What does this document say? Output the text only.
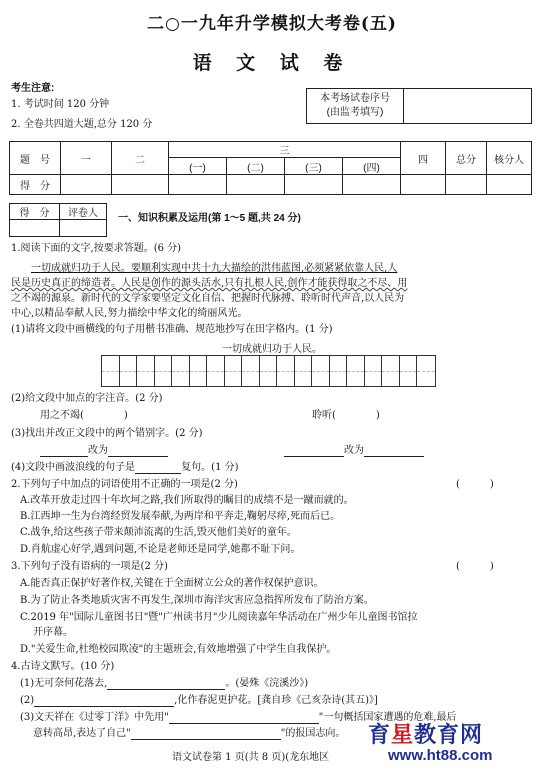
二○一九年升学模拟大考卷(五)
语 文 试 卷
考生注意:
1. 考试时间 120 分钟
2. 全卷共四道大题,总分 120 分
本考场试卷序号
(由监考填写)

题　号	一	二	三				四	总分	核分人
			(一)	(二)	(三)	(四)			
得　分									
得　分	评卷人
	一、知识积累及运用(第 1～5 题,共 24 分)
1.阅读下面的文字,按要求答题。(6 分)
一切成就归功于人民。要顺利实现中共十九大描绘的洪伟蓝图,必须紧紧依靠人民,人
民是历史真正的缔造者。人民是创作的源头活水,只有扎根人民,创作才能获得取之不尽、用
之不竭的源泉。新时代的文学家要坚定文化自信、把握时代脉搏、聆听时代声音,以人民为
中心,以精品奉献人民,努力描绘中华文化的绮丽风光。
(1)请将文段中画横线的句子用楷书准确、规范地抄写在田字格内。(1 分)
一切成就归功于人民。
(2)给文段中加点的字注音。(2 分)
用之不竭(　　　　)	聆听(　　　　)
(3)找出并改正文段中的两个错别字。(2 分)
改为	改为
(4)文段中画波浪线的句子是	复句。(1 分)
2.下列句子中加点的词语使用不正确的一项是(2 分)	(　　　)
A.改革开放走过四十年坎坷之路,我们所取得的瞩目的成绩不是一蹴而就的。
B.江西坤一生为台湾经贸发展奉献,为两岸和平奔走,鞠躬尽瘁,死而后已。
C.战争,给这些孩子带来颠沛流离的生活,毁灭他们美好的童年。
D.肖航虚心好学,遇到问题,不论是老师还是同学,她都不耻下问。
3.下列句子没有语病的一项是(2 分)	(　　　)
A.能否真正保护好著作权,关键在于全面树立公众的著作权保护意识。
B.为了防止各类地质灾害不再发生,深圳市海洋灾害应急指挥所发布了防治方案。
C.2019 年"国际儿童图书日"暨"广州读书月"少儿阅读嘉年华活动在广州少年儿童图书馆拉
开序幕。
D."关爱生命,杜绝校园欺凌"的主题班会,有效地增强了中学生自我保护。
4.古诗文默写。(10 分)
(1)无可奈何花落去,	。(晏殊《浣溪沙》)
(2)	,化作春泥更护花。[龚自珍《己亥杂诗(其五)》]
(3)文天祥在《过零丁洋》中先用"	"一句概括国家遭遇的危难,最后
意转高昂,表达了自己"	"的报国志向。
语文试卷第 1 页(共 8 页)(龙东地区
育星教育网
www.ht88.com
